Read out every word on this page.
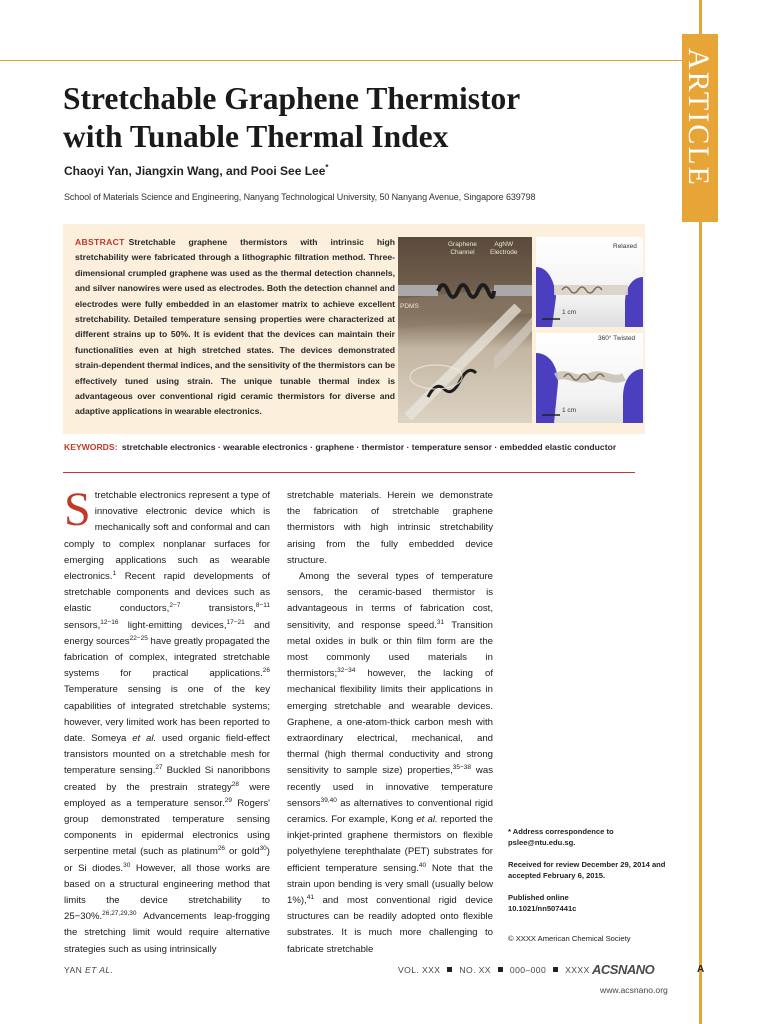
ARTICLE
Stretchable Graphene Thermistor
with Tunable Thermal Index
Chaoyi Yan, Jiangxin Wang, and Pooi See Lee*
School of Materials Science and Engineering, Nanyang Technological University, 50 Nanyang Avenue, Singapore 639798
ABSTRACT Stretchable graphene thermistors with intrinsic high stretchability were fabricated through a lithographic filtration method. Three-dimensional crumpled graphene was used as the thermal detection channels, and silver nanowires were used as electrodes. Both the detection channel and electrodes were fully embedded in an elastomer matrix to achieve excellent stretchability. Detailed temperature sensing properties were characterized at different strains up to 50%. It is evident that the devices can maintain their functionalities even at high stretched states. The devices demonstrated strain-dependent thermal indices, and the sensitivity of the thermistors can be effectively tuned using strain. The unique tunable thermal index is advantageous over conventional rigid ceramic thermistors for diverse and adaptive applications in wearable electronics.
Graphene
Channel
AgNW
Electrode
PDMS
Relaxed
1 cm
360° Twisted
1 cm
KEYWORDS: stretchable electronics · wearable electronics · graphene · thermistor · temperature sensor · embedded elastic conductor

Stretchable electronics represent a type of innovative electronic device which is mechanically soft and conformal and can comply to complex nonplanar surfaces for emerging applications such as wearable electronics.$^1$ Recent rapid developments of stretchable components and devices such as elastic conductors,$^{2-7}$ transistors,$^{8-11}$ sensors,$^{12-16}$ light-emitting devices,$^{17-21}$ and energy sources$^{22-25}$ have greatly propagated the fabrication of complex, integrated stretchable systems for practical applications.$^{26}$ Temperature sensing is one of the key capabilities of integrated stretchable systems; however, very limited work has been reported to date. Someya et al. used organic field-effect transistors mounted on a stretchable mesh for temperature sensing.$^{27}$ Buckled Si nanoribbons created by the prestrain strategy$^{28}$ were employed as a temperature sensor.$^{29}$ Rogers' group demonstrated temperature sensing components in epidermal electronics using serpentine metal (such as platinum$^{26}$ or gold$^{30}$) or Si diodes.$^{30}$ However, all those works are based on a structural engineering method that limits the device stretchability to 25−30%.$^{26,27,29,30}$ Advancements leap-frogging the stretching limit would require alternative strategies such as using intrinsically

stretchable materials. Herein we demonstrate the fabrication of stretchable graphene thermistors with high intrinsic stretchability arising from the fully embedded device structure.

Among the several types of temperature sensors, the ceramic-based thermistor is advantageous in terms of fabrication cost, sensitivity, and response speed.$^{31}$ Transition metal oxides in bulk or thin film form are the most commonly used materials in thermistors;$^{32-34}$ however, the lacking of mechanical flexibility limits their applications in emerging stretchable and wearable devices. Graphene, a one-atom-thick carbon mesh with extraordinary electrical, mechanical, and thermal (high thermal conductivity and strong sensitivity to sample size) properties,$^{35-38}$ was recently used in innovative temperature sensors$^{39,40}$ as alternatives to conventional rigid ceramics. For example, Kong et al. reported the inkjet-printed graphene thermistors on flexible polyethylene terephthalate (PET) substrates for efficient temperature sensing.$^{40}$ Note that the strain upon bending is very small (usually below 1%),$^{41}$ and most conventional rigid device structures can be readily adopted onto flexible substrates. It is much more challenging to fabricate stretchable

* Address correspondence to pslee@ntu.edu.sg.
Received for review December 29, 2014 and accepted February 6, 2015.
Published online
10.1021/nn507441c
© XXXX American Chemical Society
YAN ET AL.	VOL. XXX NO. XX 000–000 XXXX ACSNANO	A
www.acsnano.org
